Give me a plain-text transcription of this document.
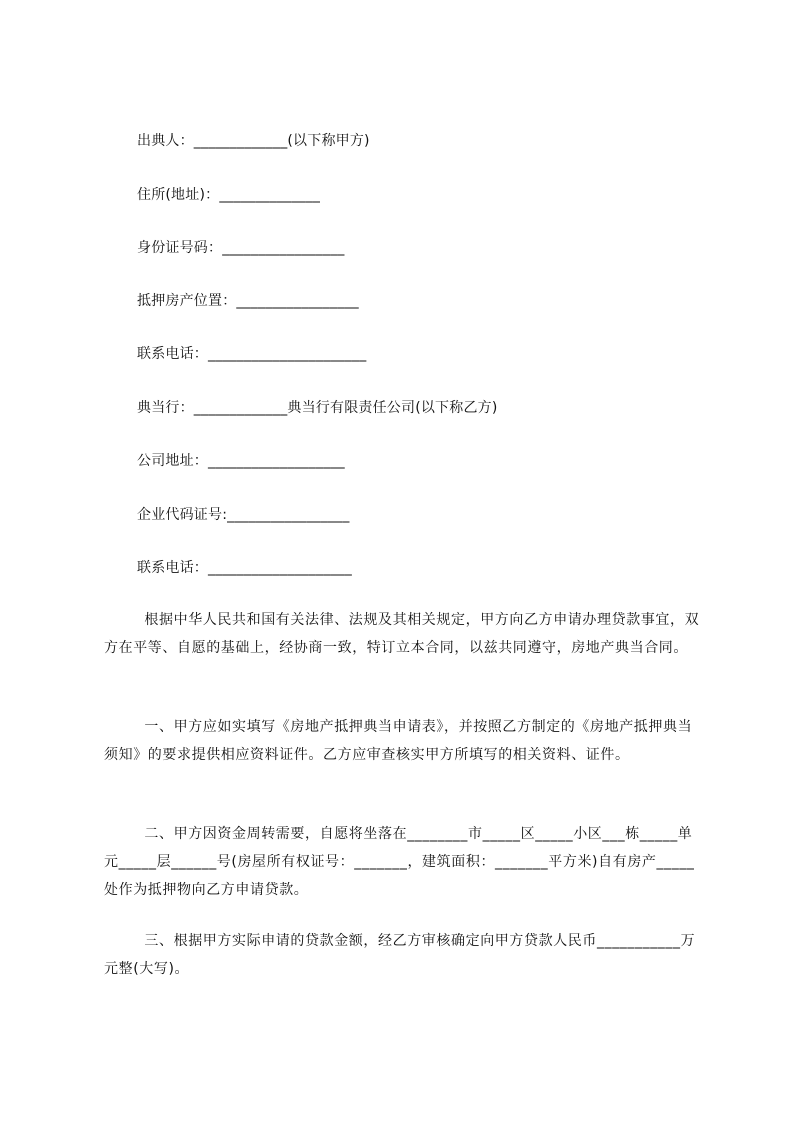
出典人：_____________(以下称甲方)
住所(地址)：______________
身份证号码：_________________
抵押房产位置：_________________
联系电话：______________________
典当行：_____________典当行有限责任公司(以下称乙方)
公司地址：___________________
企业代码证号:_________________
联系电话：____________________
根据中华人民共和国有关法律、法规及其相关规定，甲方向乙方申请办理贷款事宜，双方在平等、自愿的基础上，经协商一致，特订立本合同，以兹共同遵守，房地产典当合同。
一、甲方应如实填写《房地产抵押典当申请表》，并按照乙方制定的《房地产抵押典当须知》的要求提供相应资料证件。乙方应审查核实甲方所填写的相关资料、证件。
二、甲方因资金周转需要，自愿将坐落在________市_____区_____小区___栋_____单元_____层______号(房屋所有权证号：_______，建筑面积：_______平方米)自有房产_____处作为抵押物向乙方申请贷款。
三、根据甲方实际申请的贷款金额，经乙方审核确定向甲方贷款人民币___________万元整(大写)。
